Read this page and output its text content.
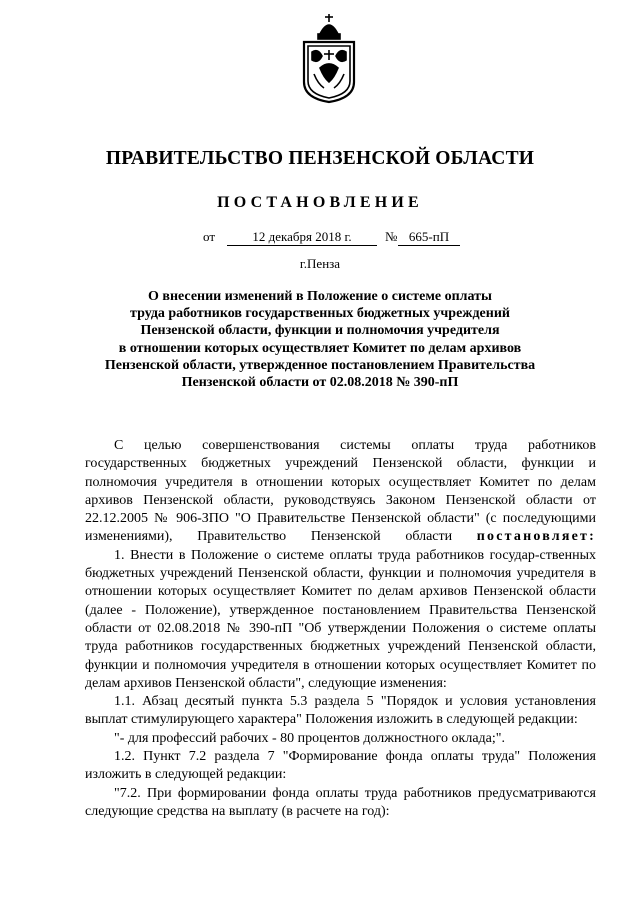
ПРАВИТЕЛЬСТВО ПЕНЗЕНСКОЙ ОБЛАСТИ
ПОСТАНОВЛЕНИЕ
от	12 декабря 2018 г.	№ 665-пП
г.Пенза
О внесении изменений в Положение о системе оплаты
труда работников государственных бюджетных учреждений
Пензенской области, функции и полномочия учредителя
в отношении которых осуществляет Комитет по делам архивов
Пензенской области, утвержденное постановлением Правительства
Пензенской области от 02.08.2018 № 390-пП

С целью совершенствования системы оплаты труда работников государственных бюджетных учреждений Пензенской области, функции и полномочия учредителя в отношении которых осуществляет Комитет по делам архивов Пензенской области, руководствуясь Законом Пензенской области от 22.12.2005 № 906-ЗПО "О Правительстве Пензенской области" (с последующими изменениями), Правительство Пензенской области постановляет:

1. Внести в Положение о системе оплаты труда работников государ-ственных бюджетных учреждений Пензенской области, функции и полномочия учредителя в отношении которых осуществляет Комитет по делам архивов Пензенской области (далее - Положение), утвержденное постановлением Правительства Пензенской области от 02.08.2018 № 390-пП "Об утверждении Положения о системе оплаты труда работников государственных бюджетных учреждений Пензенской области, функции и полномочия учредителя в отношении которых осуществляет Комитет по делам архивов Пензенской области", следующие изменения:

1.1. Абзац десятый пункта 5.3 раздела 5 "Порядок и условия установления выплат стимулирующего характера" Положения изложить в следующей редакции:

"- для профессий рабочих - 80 процентов должностного оклада;".

1.2. Пункт 7.2 раздела 7 "Формирование фонда оплаты труда" Положения изложить в следующей редакции:

"7.2. При формировании фонда оплаты труда работников предусматриваются следующие средства на выплату (в расчете на год):
